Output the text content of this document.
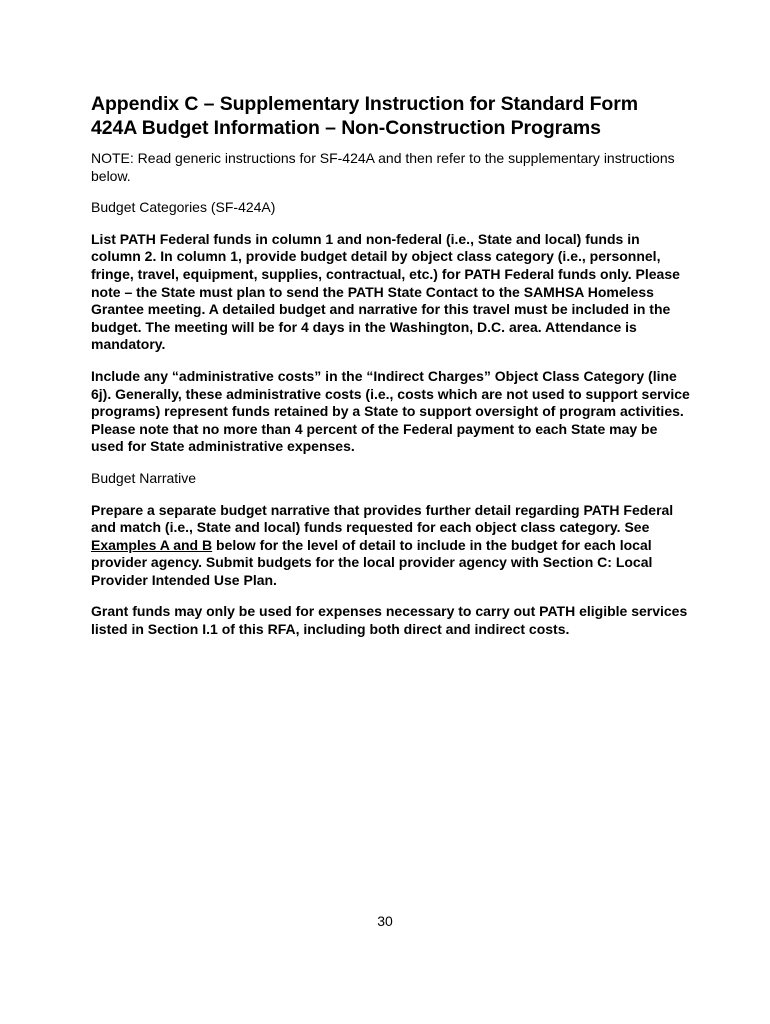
Appendix C – Supplementary Instruction for Standard Form
424A Budget Information – Non-Construction Programs

NOTE: Read generic instructions for SF-424A and then refer to the supplementary instructions below.

Budget Categories (SF-424A)

List PATH Federal funds in column 1 and non-federal (i.e., State and local) funds in column 2. In column 1, provide budget detail by object class category (i.e., personnel, fringe, travel, equipment, supplies, contractual, etc.) for PATH Federal funds only. Please note – the State must plan to send the PATH State Contact to the SAMHSA Homeless Grantee meeting. A detailed budget and narrative for this travel must be included in the budget. The meeting will be for 4 days in the Washington, D.C. area. Attendance is mandatory.

Include any “administrative costs” in the “Indirect Charges” Object Class Category (line 6j). Generally, these administrative costs (i.e., costs which are not used to support service programs) represent funds retained by a State to support oversight of program activities. Please note that no more than 4 percent of the Federal payment to each State may be used for State administrative expenses.

Budget Narrative

Prepare a separate budget narrative that provides further detail regarding PATH Federal and match (i.e., State and local) funds requested for each object class category. See Examples A and B below for the level of detail to include in the budget for each local provider agency. Submit budgets for the local provider agency with Section C: Local Provider Intended Use Plan.

Grant funds may only be used for expenses necessary to carry out PATH eligible services listed in Section I.1 of this RFA, including both direct and indirect costs.

30
